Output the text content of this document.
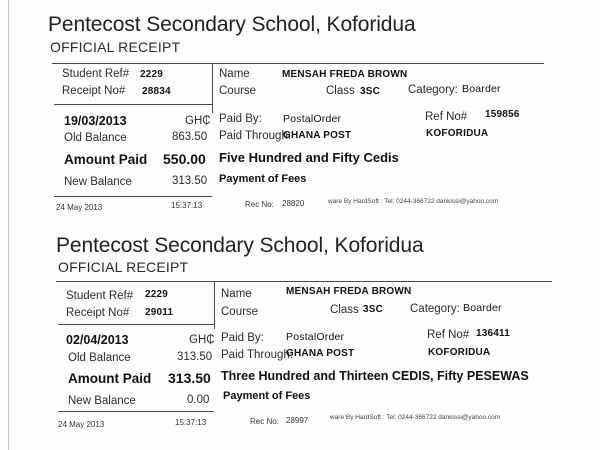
Pentecost Secondary School, Koforidua
OFFICIAL RECEIPT
Student Ref# 2229	Name	MENSAH FREDA BROWN
Receipt No# 28834	Course	Class 3SC Category: Boarder
19/03/2013	GH₵ Paid By: PostalOrder	Ref No# 159856
Old Balance	863.50 Paid Through:
GHANA POST	KOFORIDUA
Amount Paid 550.00 Five Hundred and Fifty Cedis
New Balance	313.50 Payment of Fees
24 May 2013	15:37:13	Rec No: 28820	ware By HardSoft : Tel: 0244-366722 dankissi@yahoo.com
Pentecost Secondary School, Koforidua
OFFICIAL RECEIPT
Student Ref# 2229	Name	MENSAH FREDA BROWN
Receipt No# 29011	Course	Class 3SC Category: Boarder
02/04/2013	GH₵ Paid By: PostalOrder	Ref No# 136411
Old Balance	313.50 Paid Through:
GHANA POST	KOFORIDUA
Amount Paid 313.50 Three Hundred and Thirteen CEDIS, Fifty PESEWAS
New Balance	0.00 Payment of Fees
24 May 2013	15:37:13	Rec No: 28997	ware By HardSoft : Tel: 0244-366722 dankissi@yahoo.com
